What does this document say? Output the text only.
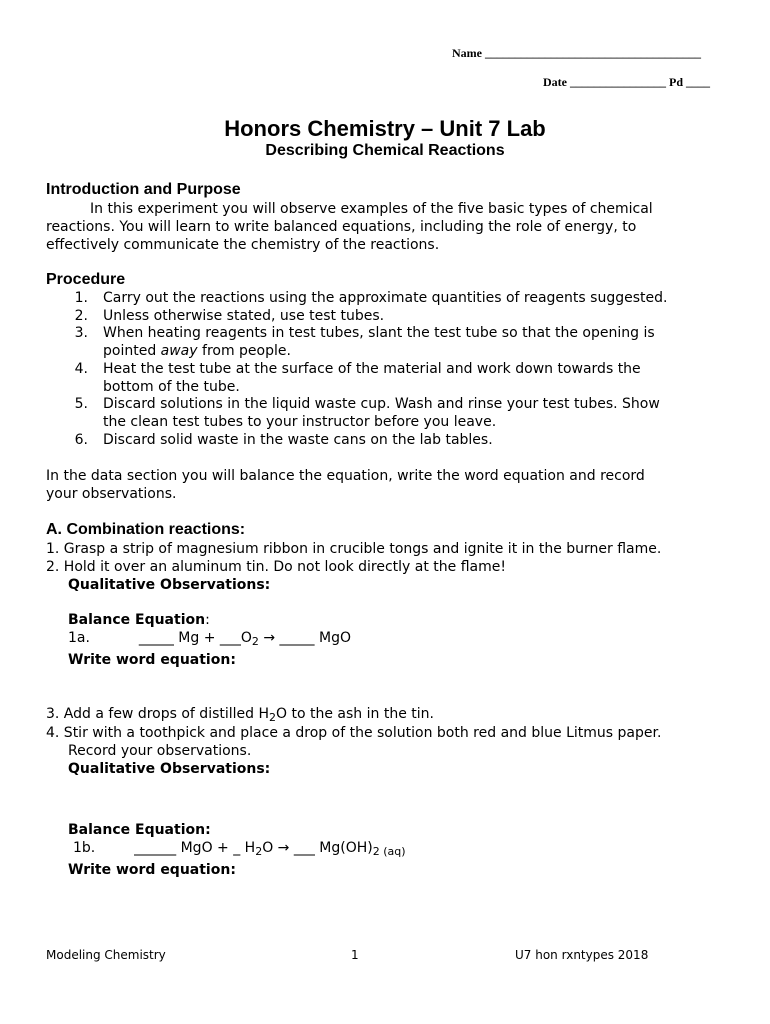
Name ____________________________________
Date ________________ Pd ____
Honors Chemistry – Unit 7 Lab
Describing Chemical Reactions
Introduction and Purpose
In this experiment you will observe examples of the five basic types of chemical
reactions. You will learn to write balanced equations, including the role of energy, to
effectively communicate the chemistry of the reactions.
Procedure
1.	Carry out the reactions using the approximate quantities of reagents suggested.
2.	Unless otherwise stated, use test tubes.
3.	When heating reagents in test tubes, slant the test tube so that the opening is
pointed away from people.
4.	Heat the test tube at the surface of the material and work down towards the
bottom of the tube.
5.	Discard solutions in the liquid waste cup. Wash and rinse your test tubes. Show
the clean test tubes to your instructor before you leave.
6.	Discard solid waste in the waste cans on the lab tables.
In the data section you will balance the equation, write the word equation and record
your observations.
A. Combination reactions:
1. Grasp a strip of magnesium ribbon in crucible tongs and ignite it in the burner flame.
2. Hold it over an aluminum tin. Do not look directly at the flame!
Qualitative Observations:
Balance Equation:
1a.	_____ $Mg + \_\_\_O_2$ → _____ MgO
Write word equation:
3. Add a few drops of distilled $H_2O$ to the ash in the tin.
4. Stir with a toothpick and place a drop of the solution both red and blue Litmus paper.
Record your observations.
Qualitative Observations:
Balance Equation:
1b.	______ MgO + _ $H_2O$ → ___ $Mg(OH)_{2 (aq)}$
Write word equation:
Modeling Chemistry	1	U7 hon rxntypes 2018
